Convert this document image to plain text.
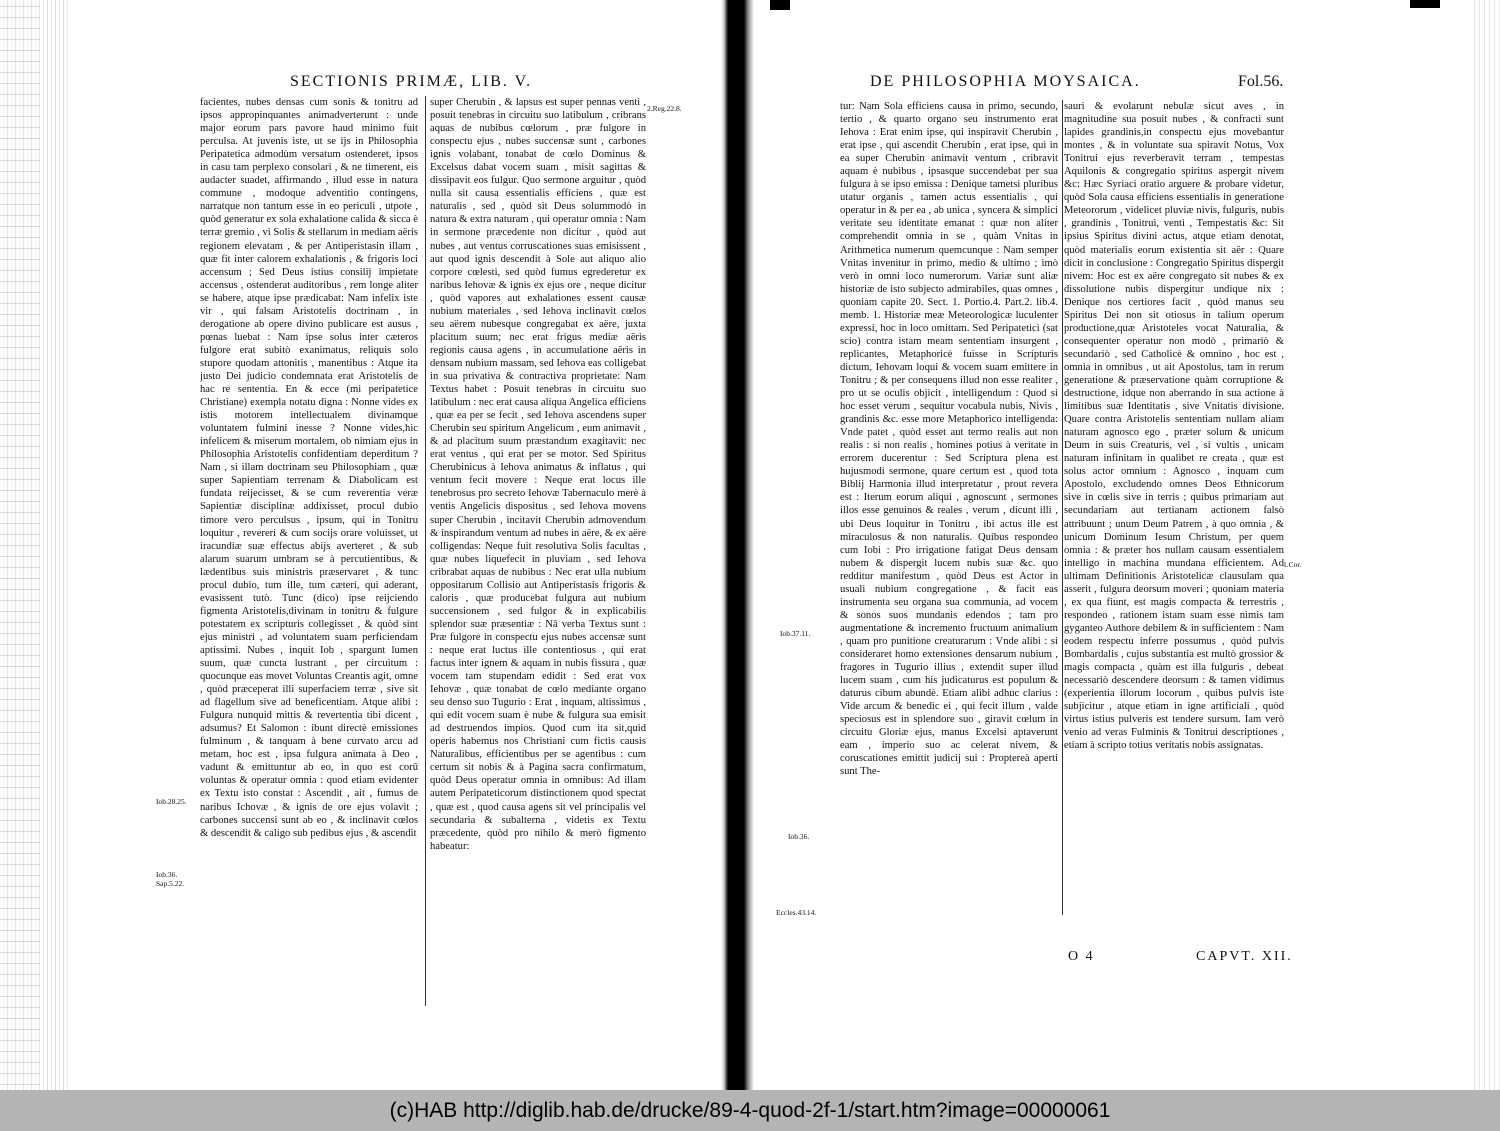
SECTIONIS PRIMÆ, LIB. V.

facientes, nubes densas cum sonis & tonitru ad ipsos appropinquantes animadverterunt : unde major eorum pars pavore haud minimo fuit perculsa. At juvenis iste, ut se ijs in Philosophia Peripatetica admodùm versatum ostenderet, ipsos in casu tam perplexo consolari , & ne timerent, eis audacter suadet, affirmando , illud esse in natura commune , modoque adventitio contingens, narratque non tantum esse in eo periculi , utpote , quòd generatur ex sola exhalatione calida & sicca è terræ gremio , vi Solis & stellarum in mediam aëris regionem elevatam , & per Antiperistasin illam , quæ fit inter calorem exhalationis , & frigoris loci accensum ; Sed Deus istius consilij impietate accensus , ostenderat auditoribus , rem longe aliter se habere, atque ipse prædicabat: Nam infelix iste vir , qui falsam Aristotelis doctrinam , in derogatione ab opere divino publicare est ausus , pœnas luebat : Nam ipse solus inter cæteros fulgore erat subitò exanimatus, reliquis solo stupore quodam attonitis , manentibus : Atque ita justo Dei judicio condemnata erat Aristotelis de hac re sententia. En & ecce (mi peripatetice Christiane) exempla notatu digna : Nonne vides ex istis motorem intellectualem divinamque voluntatem fulmini inesse ? Nonne vides,hic infelicem & miserum mortalem, ob nimiam ejus in Philosophia Aristotelis confidentiam deperditum ? Nam , si illam doctrinam seu Philosophiam , quæ super Sapientiam terrenam & Diabolicam est fundata reijecisset, & se cum reverentia veræ Sapientiæ disciplinæ addixisset, procul dubio timore vero perculsus , ipsum, qui in Tonitru loquitur , revereri & cum socijs orare voluisset, ut iracundiæ suæ effectus abijs averteret , & sub alarum suarum umbram se à percutientibus, & lædentibus suis ministris præservaret , & tunc procul dubio, tum ille, tum cæteri, qui aderant, evasissent tutò. Tunc (dico) ipse reijciendo figmenta Aristotelis,divinam in tonitru & fulgure potestatem ex scripturis collegisset , & quòd sint ejus ministri , ad voluntatem suam perficiendam aptissimi. Nubes , inquit Iob , spargunt lumen suum, quæ cuncta lustrant , per circuitum : quocunque eas movet Voluntas Creantis agit, omne , quòd præceperat illi superfaciem terræ , sive sit ad flagellum sive ad beneficentiam. Atque alibi : Fulgura nunquid mittis & revertentia tibi dicent , adsumus? Et Salomon : ibunt directè emissiones fulminum , & tanquam à bene curvato arcu ad metam, hoc est , ipsa fulgura animata à Deo , vadunt & emittuntur ab eo, in quo est corū voluntas & operatur omnia : quod etiam evidenter ex Textu isto constat : Ascendit , ait , fumus de naribus Ichovæ , & ignis de ore ejus volavit ; carbones succensi sunt ab eo , & inclinavit cœlos & descendit & caligo sub pedibus ejus , & ascendit

super Cherubin , & lapsus est super pennas venti , posuit tenebras in circuitu suo latibulum , cribrans aquas de nubibus cœlorum , præ fulgore in conspectu ejus , nubes succensæ sunt , carbones ignis volabant, tonabat de cœlo Dominus & Excelsus dabat vocem suam , misit sagittas & dissipavit eos fulgur. Quo sermone arguitur , quòd nulla sit causa essentialis efficiens , quæ est naturalis , sed , quòd sit Deus solummodò in natura & extra naturam , qui operatur omnia : Nam in sermone præcedente non dicitur , quòd aut nubes , aut ventus corruscationes suas emisissent , aut quod ignis descendit à Sole aut aliquo alio corpore cœlesti, sed quòd fumus egrederetur ex naribus Iehovæ & ignis ex ejus ore , neque dicitur , quòd vapores aut exhalationes essent causæ nubium materiales , sed Iehova inclinavit cœlos seu aërem nubesque congregabat ex aëre, juxta placitum suum; nec erat frigus mediæ aëris regionis causa agens , in accumulatione aëris in densam nubium massam, sed Iehova eas colligebat in sua privativa & contractiva proprietate: Nam Textus habet : Posuit tenebras in circuitu suo latibulum : nec erat causa aliqua Angelica efficiens , quæ ea per se fecit , sed Iehova ascendens super Cherubin seu spiritum Angelicum , eum animavit , & ad placitum suum præstandum exagitavit: nec erat ventus , qui erat per se motor. Sed Spiritus Cherubinicus à Iehova animatus & inflatus , qui ventum fecit movere : Neque erat locus ille tenebrosus pro secreto Iehovæ Tabernaculo merè à ventis Angelicis dispositus , sed Iehova movens super Cherubin , incitavit Cherubin admovendum & inspirandum ventum ad nubes in aëre, & ex aëre colligendas: Neque fuit resolutiva Solis facultas , quæ nubes liquefecit in pluviam , sed Iehova cribrabat aquas de nubibus : Nec erat ulla nubium oppositarum Collisio aut Antiperistasis frigoris & caloris , quæ producebat fulgura aut nubium succensionem , sed fulgor & in explicabilis splendor suæ præsentiæ : Nā verba Textus sunt : Præ fulgore in conspectu ejus nubes accensæ sunt : neque erat luctus ille contentiosus , qui erat factus inter ignem & aquam in nubis fissura , quæ vocem tam stupendam edidit : Sed erat vox Iehovæ , quæ tonabat de cœlo mediante organo seu denso suo Tugurio : Erat , inquam, altissimus , qui edit vocem suam è nube & fulgura sua emisit ad destruendos impios. Quod cum ita sit,quid operis habemus nos Christiani cum fictis causis Naturalibus, efficientibus per se agentibus : cum certum sit nobis & à Pagina sacra confirmatum, quòd Deus operatur omnia in omnibus: Ad illam autem Peripateticorum distinctionem quod spectat , quæ est , quod causa agens sit vel principalis vel secundaria & subalterna , videtis ex Textu præcedente, quòd pro nihilo & merò figmento habeatur:

2.Reg.22.8.
Iob.28.25.
Iob.36.
Sap.5.22.
DE PHILOSOPHIA MOYSAICA.	Fol.56.

tur: Nam Sola efficiens causa in primo, secundo, tertio , & quarto organo seu instrumento erat Iehova : Erat enim ipse, qui inspiravit Cherubin , erat ipse , qui ascendit Cherubin , erat ipse, qui in ea super Cherubin animavit ventum , cribravit aquam è nubibus , ipsasque succendebat per sua fulgura à se ipso emissa : Denique tametsi pluribus utatur organis , tamen actus essentialis , qui operatur in & per ea , ab unica , syncera & simplici veritate seu identitate emanat : quæ non aliter comprehendit omnia in se , quàm Vnitas in Arithmetica numerum quemcunque : Nam semper Vnitas invenitur in primo, medio & ultimo ; imò verò in omni loco numerorum. Variæ sunt aliæ historiæ de isto subjecto admirabiles, quas omnes , quoniam capite 20. Sect. 1. Portio.4. Part.2. lib.4. memb. 1. Historiæ meæ Meteorologicæ luculenter expressi, hoc in loco omittam. Sed Peripatetici (sat scio) contra istam meam sententiam insurgent , replicantes, Metaphoricè fuisse in Scripturis dictum, Iehovam loqui & vocem suam emittere in Tonitru ; & per consequens illud non esse realiter , pro ut se oculis objicit , intelligendum : Quod si hoc esset verum , sequitur vocabula nubis, Nivis , grandinis &c. esse more Metaphorico intelligenda: Vnde patet , quòd esset aut termo realis aut non realis : si non realis , homines potius à veritate in errorem ducerentur : Sed Scriptura plena est hujusmodi sermone, quare certum est , quod tota Biblij Harmonia illud interpretatur , prout revera est : Iterum eorum aliqui , agnoscunt , sermones illos esse genuinos & reales , verum , dicunt illi , ubi Deus loquitur in Tonitru , ibi actus ille est miraculosus & non naturalis. Quibus respondeo cum Iobi : Pro irrigatione fatigat Deus densam nubem & dispergit lucem nubis suæ &c. quo redditur manifestum , quòd Deus est Actor in usuali nubium congregatione , & facit eas instrumenta seu organa sua communia, ad vocem & sonos suos mundanis edendos ; tam pro augmentatione & incremento fructuum animalium , quam pro punitione creaturarum : Vnde alibi : si consideraret homo extensiones densarum nubium , fragores in Tugurio illius , extendit super illud lucem suam , cum his judicaturus est populum & daturus cibum abundè. Etiam alibi adhuc clarius : Vide arcum & benedic ei , qui fecit illum , valde speciosus est in splendore suo , giravit cœlum in circuitu Gloriæ ejus, manus Excelsi aptaverunt eam , imperio suo ac celerat nivem, & coruscationes emittit judicij sui : Proptereà aperti sunt The-

sauri & evolarunt nebulæ sicut aves , in magnitudine sua posuit nubes , & confracti sunt lapides grandinis,in conspectu ejus movebantur montes , & in voluntate sua spiravit Notus, Vox Tonitrui ejus reverberavit terram , tempestas Aquilonis & congregatio spiritus aspergit nivem &c: Hæc Syriaci oratio arguere & probare videtur, quòd Sola causa efficiens essentialis in generatione Meteororum , videlicet pluviæ nivis, fulguris, nubis , grandinis , Tonitrui, venti , Tempestatis &c: Sit ipsius Spiritus divini actus, atque etiam denotat, quòd materialis eorum existentia sit aër : Quare dicit in conclusione : Congregatio Spiritus dispergit nivem: Hoc est ex aëre congregato sit nubes & ex dissolutione nubis dispergitur undique nix : Denique nos certiores facit , quòd manus seu Spiritus Dei non sit otiosus in talium operum productione,quæ Aristoteles vocat Naturalia, & consequenter operatur non modò , primariò & secundariò , sed Catholicè & omnino , hoc est , omnia in omnibus , ut ait Apostolus, tam in rerum generatione & præservatione quàm corruptione & destructione, idque non aberrando in sua actione à limitibus suæ Identitatis , sive Vnitatis divisione. Quare contra Aristotelis sententiam nullam aliam naturam agnosco ego , præter solum & unicum Deum in suis Creaturis, vel , si vultis , unicam naturam infinitam in qualibet re creata , quæ est solus actor omnium : Agnosco , inquam cum Apostolo, excludendo omnes Deos Ethnicorum sive in cœlis sive in terris ; quibus primariam aut secundariam aut tertianam actionem falsò attribuunt ; unum Deum Patrem , à quo omnia , & unicum Dominum Iesum Christum, per quem omnia : & præter hos nullam causam essentialem intelligo in machina mundana efficientem. Ad ultimam Definitionis Aristotelicæ clausulam qua asserit , fulgura deorsum moveri ; quoniam materia , ex qua fiunt, est magis compacta & terrestris , respondeo , rationem istam suam esse nimis tam gyganteo Authore debilem & in sufficientem : Nam eodem respectu inferre possumus , quòd pulvis Bombardalis , cujus substantia est multò grossior & magis compacta , quàm est illa fulguris , debeat necessariò descendere deorsum : & tamen vidimus (experientia illorum locorum , quibus pulvis iste subjicitur , atque etiam in igne artificiali , quòd virtus istius pulveris est tendere sursum. Iam verò venio ad veras Fulminis & Tonitrui descriptiones , etiam à scripto totius veritatis nobis assignatas.

Iob.37.11.
Iob.36.
Eccles.43.14.
1.Cor.
O 4	CAPVT. XII.
(c)HAB http://diglib.hab.de/drucke/89-4-quod-2f-1/start.htm?image=00000061
